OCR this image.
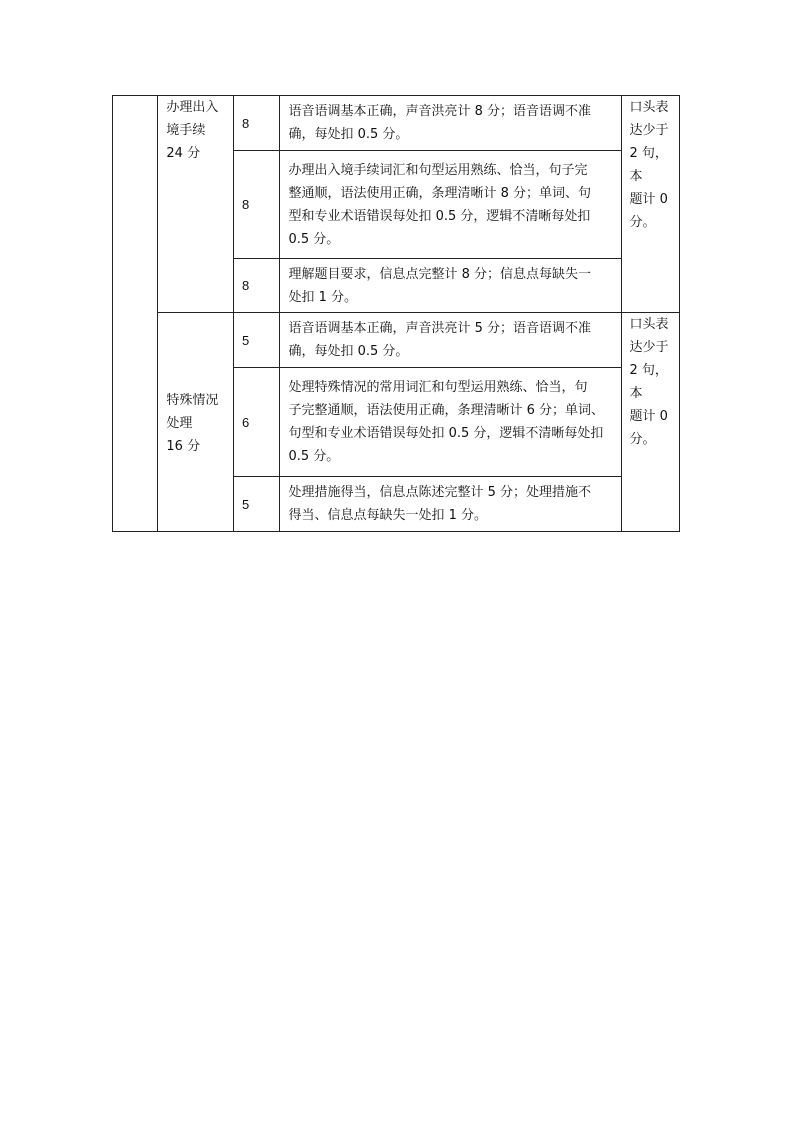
	办理出入
境手续
24 分	8	语音语调基本正确，声音洪亮计 8 分；语音语调不准
确，每处扣 0.5 分。	口头表
达少于
2 句，本
题计 0
分。

		8	办理出入境手续词汇和句型运用熟练、恰当，句子完
整通顺，语法使用正确，条理清晰计 8 分；单词、句
型和专业术语错误每处扣 0.5 分，逻辑不清晰每处扣
0.5 分。	

		8	理解题目要求，信息点完整计 8 分；信息点每缺失一
处扣 1 分。	

	特殊情况
处理
16 分	5	语音语调基本正确，声音洪亮计 5 分；语音语调不准
确，每处扣 0.5 分。	口头表
达少于
2 句，本
题计 0
分。

		6	处理特殊情况的常用词汇和句型运用熟练、恰当，句
子完整通顺，语法使用正确，条理清晰计 6 分；单词、
句型和专业术语错误每处扣 0.5 分，逻辑不清晰每处扣
0.5 分。	

		5	处理措施得当，信息点陈述完整计 5 分；处理措施不
得当、信息点每缺失一处扣 1 分。	
